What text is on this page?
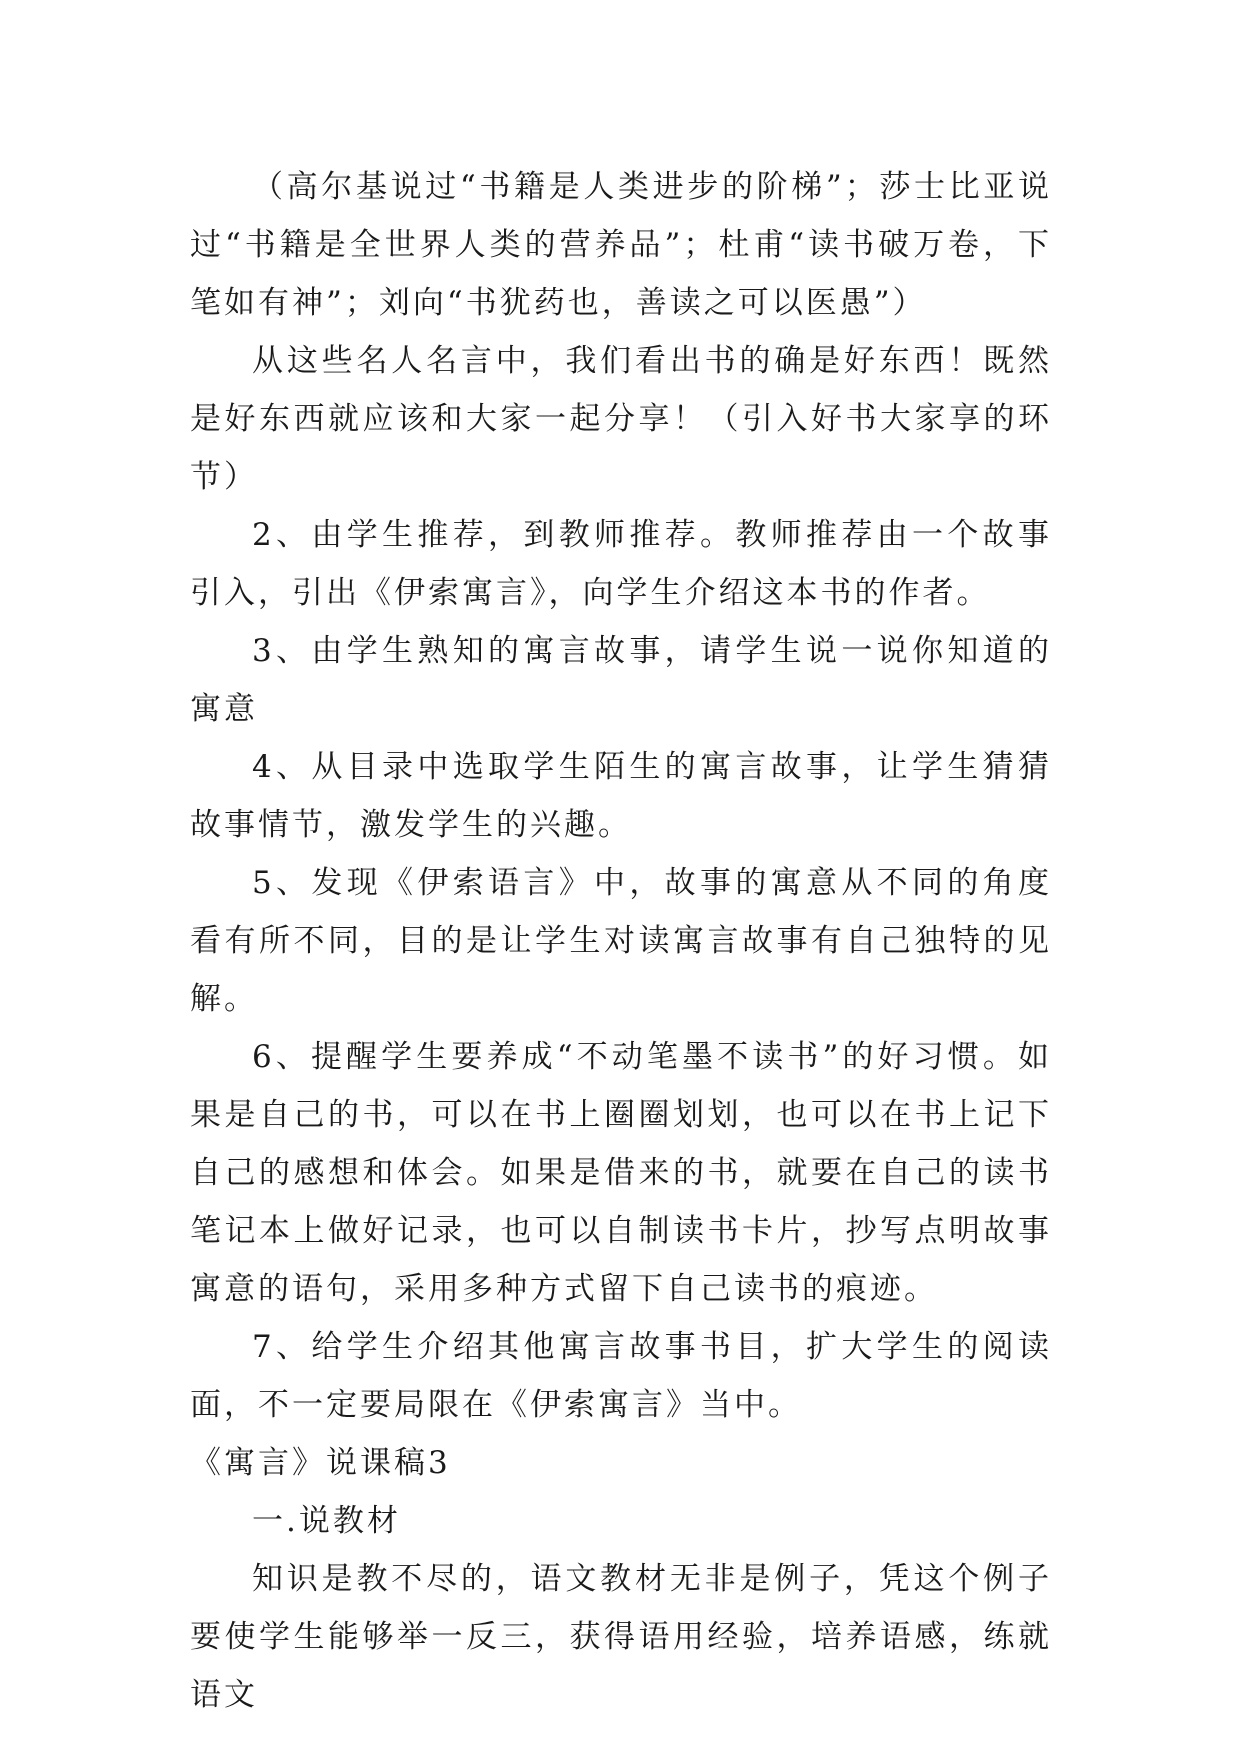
（高尔基说过“书籍是人类进步的阶梯”；莎士比亚说过“书籍是全世界人类的营养品”；杜甫“读书破万卷，下笔如有神”；刘向“书犹药也，善读之可以医愚”）

从这些名人名言中，我们看出书的确是好东西！既然是好东西就应该和大家一起分享！（引入好书大家享的环节）

2、由学生推荐，到教师推荐。教师推荐由一个故事引入，引出《伊索寓言》，向学生介绍这本书的作者。

3、由学生熟知的寓言故事，请学生说一说你知道的寓意

4、从目录中选取学生陌生的寓言故事，让学生猜猜故事情节，激发学生的兴趣。

5、发现《伊索语言》中，故事的寓意从不同的角度看有所不同，目的是让学生对读寓言故事有自己独特的见解。

6、提醒学生要养成“不动笔墨不读书”的好习惯。如果是自己的书，可以在书上圈圈划划，也可以在书上记下自己的感想和体会。如果是借来的书，就要在自己的读书笔记本上做好记录，也可以自制读书卡片，抄写点明故事寓意的语句，采用多种方式留下自己读书的痕迹。

7、给学生介绍其他寓言故事书目，扩大学生的阅读面，不一定要局限在《伊索寓言》当中。

《寓言》说课稿3

一.说教材

知识是教不尽的，语文教材无非是例子，凭这个例子要使学生能够举一反三，获得语用经验，培养语感，练就语文
